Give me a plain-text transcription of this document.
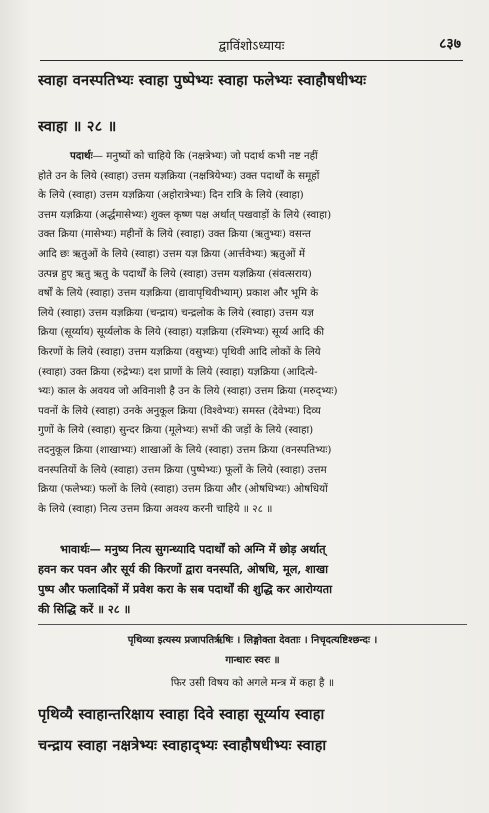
द्वाविंशोऽध्यायः	८३७
स्वाहा वनस्पतिभ्यः स्वाहा पुष्पेभ्यः स्वाहा फलेभ्यः स्वाहौषधीभ्यः
स्वाहा ॥ २८ ॥
पदार्थः— मनुष्यों को चाहिये कि (नक्षत्रेभ्यः) जो पदार्थ कभी नष्ट नहीं
होते उन के लिये (स्वाहा) उत्तम यज्ञक्रिया (नक्षत्रियेभ्यः) उक्त पदार्थों के समूहों
के लिये (स्वाहा) उत्तम यज्ञक्रिया (अहोरात्रेभ्यः) दिन रात्रि के लिये (स्वाहा)
उत्तम यज्ञक्रिया (अर्द्धमासेभ्यः) शुक्ल कृष्ण पक्ष अर्थात् पखवाड़ों के लिये (स्वाहा)
उक्त क्रिया (मासेभ्यः) महीनों के लिये (स्वाहा) उक्त क्रिया (ऋतुभ्यः) वसन्त
आदि छः ऋतुओं के लिये (स्वाहा) उत्तम यज्ञ क्रिया (आर्त्तवेभ्यः) ऋतुओं में
उत्पन्न हुए ऋतु ऋतु के पदार्थों के लिये (स्वाहा) उत्तम यज्ञक्रिया (संवत्सराय)
वर्षों के लिये (स्वाहा) उत्तम यज्ञक्रिया (द्यावापृथिवीभ्याम्) प्रकाश और भूमि के
लिये (स्वाहा) उत्तम यज्ञक्रिया (चन्द्राय) चन्द्रलोक के लिये (स्वाहा) उत्तम यज्ञ
क्रिया (सूर्य्याय) सूर्य्यलोक के लिये (स्वाहा) यज्ञक्रिया (रश्मिभ्यः) सूर्य्य आदि की
किरणों के लिये (स्वाहा) उत्तम यज्ञक्रिया (वसुभ्यः) पृथिवी आदि लोकों के लिये
(स्वाहा) उक्त क्रिया (रुद्रेभ्यः) दश प्राणों के लिये (स्वाहा) यज्ञक्रिया (आदित्ये-
भ्यः) काल के अवयव जो अविनाशी है उन के लिये (स्वाहा) उत्तम क्रिया (मरुद्भ्यः)
पवनों के लिये (स्वाहा) उनके अनुकूल क्रिया (विश्वेभ्यः) समस्त (देवेभ्यः) दिव्य
गुणों के लिये (स्वाहा) सुन्दर क्रिया (मूलेभ्यः) सभों की जड़ों के लिये (स्वाहा)
तदनुकूल क्रिया (शाखाभ्यः) शाखाओं के लिये (स्वाहा) उत्तम क्रिया (वनस्पतिभ्यः)
वनस्पतियों के लिये (स्वाहा) उत्तम क्रिया (पुष्पेभ्यः) फूलों के लिये (स्वाहा) उत्तम
क्रिया (फलेभ्यः) फलों के लिये (स्वाहा) उत्तम क्रिया और (ओषधिभ्यः) ओषधियों
के लिये (स्वाहा) नित्य उत्तम क्रिया अवश्य करनी चाहिये ॥ २८ ॥
भावार्थः— मनुष्य नित्य सुगन्ध्यादि पदार्थों को अग्नि में छोड़ अर्थात्
हवन कर पवन और सूर्य की किरणों द्वारा वनस्पति, ओषधि, मूल, शाखा
पुष्प और फलादिकों में प्रवेश करा के सब पदार्थों की शुद्धि कर आरोग्यता
की सिद्धि करें ॥ २८ ॥
पृथिव्या इत्यस्य प्रजापतिर्ऋषिः । लिङ्गोक्ता देवताः । निचृदत्यष्टिश्छन्दः ।
गान्धारः स्वरः ॥
फिर उसी विषय को अगले मन्त्र में कहा है ॥
पृथिव्यै स्वाहान्तरिक्षाय स्वाहा दिवे स्वाहा सूर्य्याय स्वाहा
चन्द्राय स्वाहा नक्षत्रेभ्यः स्वाहाद्भ्यः स्वाहौषधीभ्यः स्वाहा
